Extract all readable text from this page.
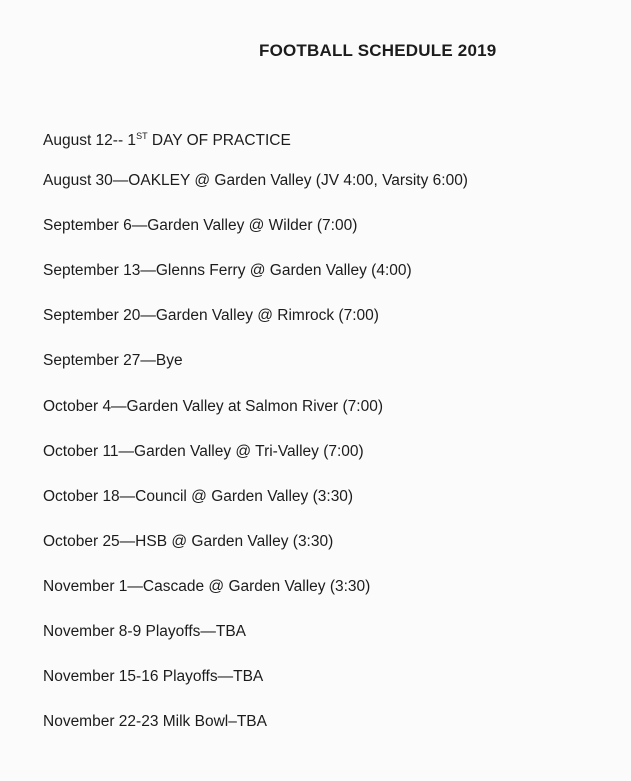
FOOTBALL SCHEDULE 2019
August 12-- 1ST DAY OF PRACTICE
August 30—OAKLEY @ Garden Valley (JV 4:00, Varsity 6:00)
September 6—Garden Valley @ Wilder (7:00)
September 13—Glenns Ferry @ Garden Valley (4:00)
September 20—Garden Valley @ Rimrock (7:00)
September 27—Bye
October 4—Garden Valley at Salmon River (7:00)
October 11—Garden Valley @ Tri-Valley (7:00)
October 18—Council @ Garden Valley (3:30)
October 25—HSB @ Garden Valley (3:30)
November 1—Cascade @ Garden Valley (3:30)
November 8-9 Playoffs—TBA
November 15-16 Playoffs—TBA
November 22-23 Milk Bowl–TBA
